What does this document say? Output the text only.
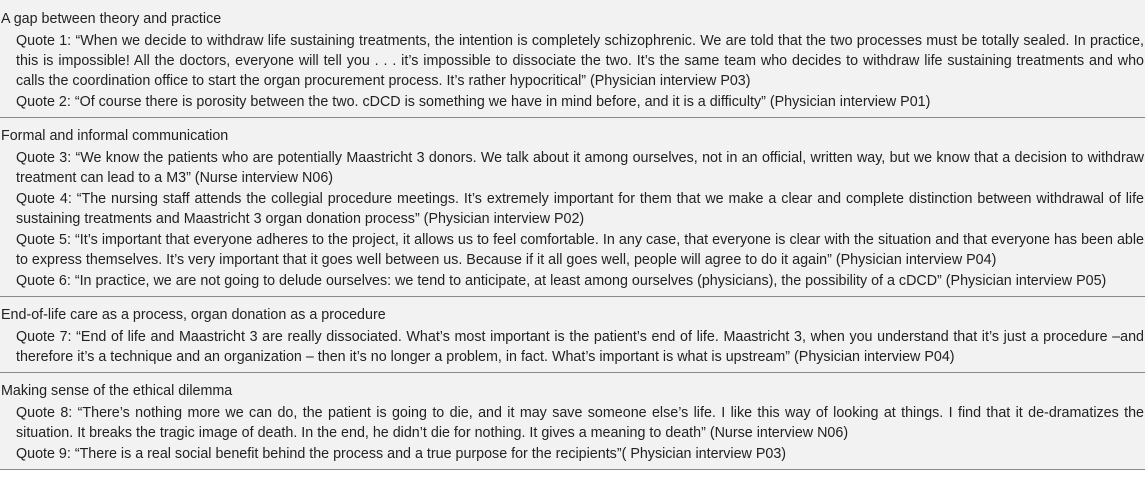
A gap between theory and practice
Quote 1: “When we decide to withdraw life sustaining treatments, the intention is completely schizophrenic. We are told that the two processes must be totally sealed. In practice, this is impossible! All the doctors, everyone will tell you . . . it’s impossible to dissociate the two. It’s the same team who decides to withdraw life sustaining treatments and who calls the coordination office to start the organ procurement process. It’s rather hypocritical” (Physician interview P03)
Quote 2: “Of course there is porosity between the two. cDCD is something we have in mind before, and it is a difficulty” (Physician interview P01)
Formal and informal communication
Quote 3: “We know the patients who are potentially Maastricht 3 donors. We talk about it among ourselves, not in an official, written way, but we know that a decision to withdraw treatment can lead to a M3” (Nurse interview N06)
Quote 4: “The nursing staff attends the collegial procedure meetings. It’s extremely important for them that we make a clear and complete distinction between withdrawal of life sustaining treatments and Maastricht 3 organ donation process” (Physician interview P02)
Quote 5: “It’s important that everyone adheres to the project, it allows us to feel comfortable. In any case, that everyone is clear with the situation and that everyone has been able to express themselves. It’s very important that it goes well between us. Because if it all goes well, people will agree to do it again” (Physician interview P04)
Quote 6: “In practice, we are not going to delude ourselves: we tend to anticipate, at least among ourselves (physicians), the possibility of a cDCD” (Physician interview P05)
End-of-life care as a process, organ donation as a procedure
Quote 7: “End of life and Maastricht 3 are really dissociated. What’s most important is the patient’s end of life. Maastricht 3, when you understand that it’s just a procedure –and therefore it’s a technique and an organization – then it’s no longer a problem, in fact. What’s important is what is upstream” (Physician interview P04)
Making sense of the ethical dilemma
Quote 8: “There’s nothing more we can do, the patient is going to die, and it may save someone else’s life. I like this way of looking at things. I find that it de-dramatizes the situation. It breaks the tragic image of death. In the end, he didn’t die for nothing. It gives a meaning to death” (Nurse interview N06)
Quote 9: “There is a real social benefit behind the process and a true purpose for the recipients”( Physician interview P03)
